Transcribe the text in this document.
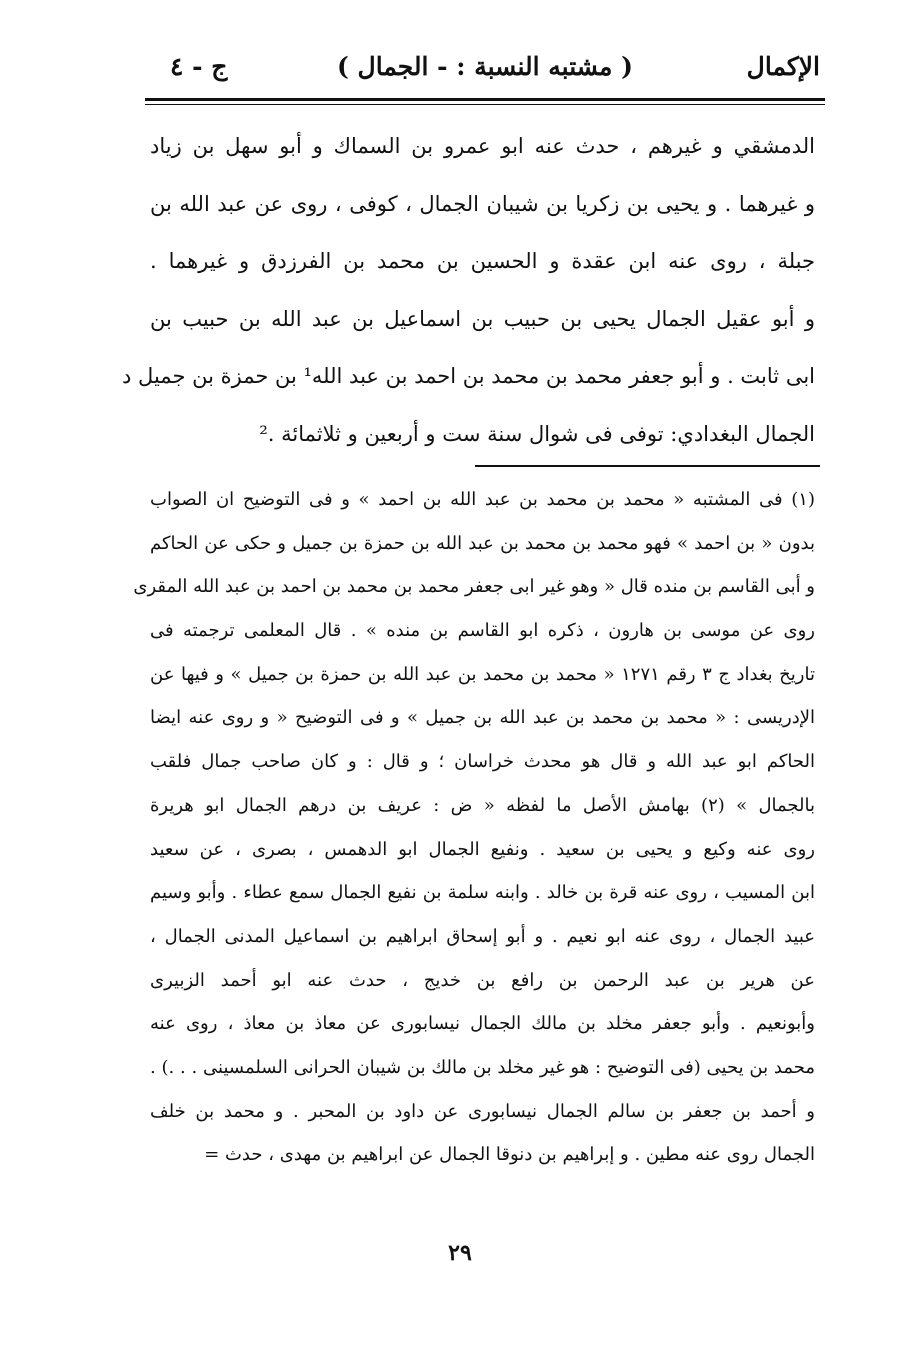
الإكمال
( مشتبه النسبة : - الجمال )
ج - ٤
الدمشقي و غيرهم ، حدث عنه ابو عمرو بن السماك و أبو سهل بن زياد
و غيرهما . و يحيى بن زكريا بن شيبان الجمال ، كوفى ، روى عن عبد الله بن
جبلة ، روى عنه ابن عقدة و الحسين بن محمد بن الفرزدق و غيرهما .
و أبو عقيل الجمال يحيى بن حبيب بن اسماعيل بن عبد الله بن حبيب بن
ابى ثابت . و أبو جعفر محمد بن محمد بن احمد بن عبد الله¹ بن حمزة بن جميل د
الجمال البغدادي: توفى فى شوال سنة ست و أربعين و ثلاثمائة .²
(١) فى المشتبه « محمد بن محمد بن عبد الله بن احمد » و فى التوضيح ان الصواب
بدون « بن احمد » فهو محمد بن محمد بن عبد الله بن حمزة بن جميل و حكى عن الحاكم
و أبى القاسم بن منده قال « وهو غير ابى جعفر محمد بن محمد بن احمد بن عبد الله المقرى
روى عن موسى بن هارون ، ذكره ابو القاسم بن منده » . قال المعلمى ترجمته فى
تاريخ بغداد ج ٣ رقم ١٢٧١ « محمد بن محمد بن عبد الله بن حمزة بن جميل » و فيها عن
الإدريسى : « محمد بن محمد بن عبد الله بن جميل » و فى التوضيح « و روى عنه ايضا
الحاكم ابو عبد الله و قال هو محدث خراسان ؛ و قال : و كان صاحب جمال فلقب
بالجمال » (٢) بهامش الأصل ما لفظه « ض : عريف بن درهم الجمال ابو هريرة
روى عنه وكيع و يحيى بن سعيد . ونفيع الجمال ابو الدهمس ، بصرى ، عن سعيد
ابن المسيب ، روى عنه قرة بن خالد . وابنه سلمة بن نفيع الجمال سمع عطاء . وأبو وسيم
عبيد الجمال ، روى عنه ابو نعيم . و أبو إسحاق ابراهيم بن اسماعيل المدنى الجمال ،
عن هرير بن عبد الرحمن بن رافع بن خديج ، حدث عنه ابو أحمد الزبيرى
وأبونعيم . وأبو جعفر مخلد بن مالك الجمال نيسابورى عن معاذ بن معاذ ، روى عنه
محمد بن يحيى (فى التوضيح : هو غير مخلد بن مالك بن شيبان الحرانى السلمسينى . . .) .
و أحمد بن جعفر بن سالم الجمال نيسابورى عن داود بن المحبر . و محمد بن خلف
الجمال روى عنه مطين . و إبراهيم بن دنوقا الجمال عن ابراهيم بن مهدى ، حدث =
٢٩
